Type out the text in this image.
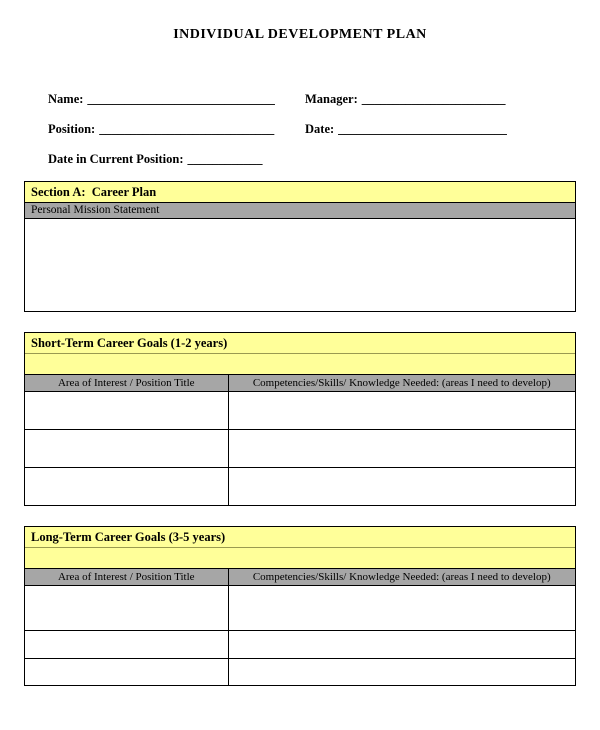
INDIVIDUAL DEVELOPMENT PLAN
Name: ______________________________	Manager: _______________________
Position: ____________________________	Date: ___________________________
Date in Current Position: ____________
Section A:  Career Plan
Personal Mission Statement
Short-Term Career Goals (1-2 years)
Area of Interest / Position Title	Competencies/Skills/ Knowledge Needed: (areas I need to develop)
Long-Term Career Goals (3-5 years)
Area of Interest / Position Title	Competencies/Skills/ Knowledge Needed: (areas I need to develop)
